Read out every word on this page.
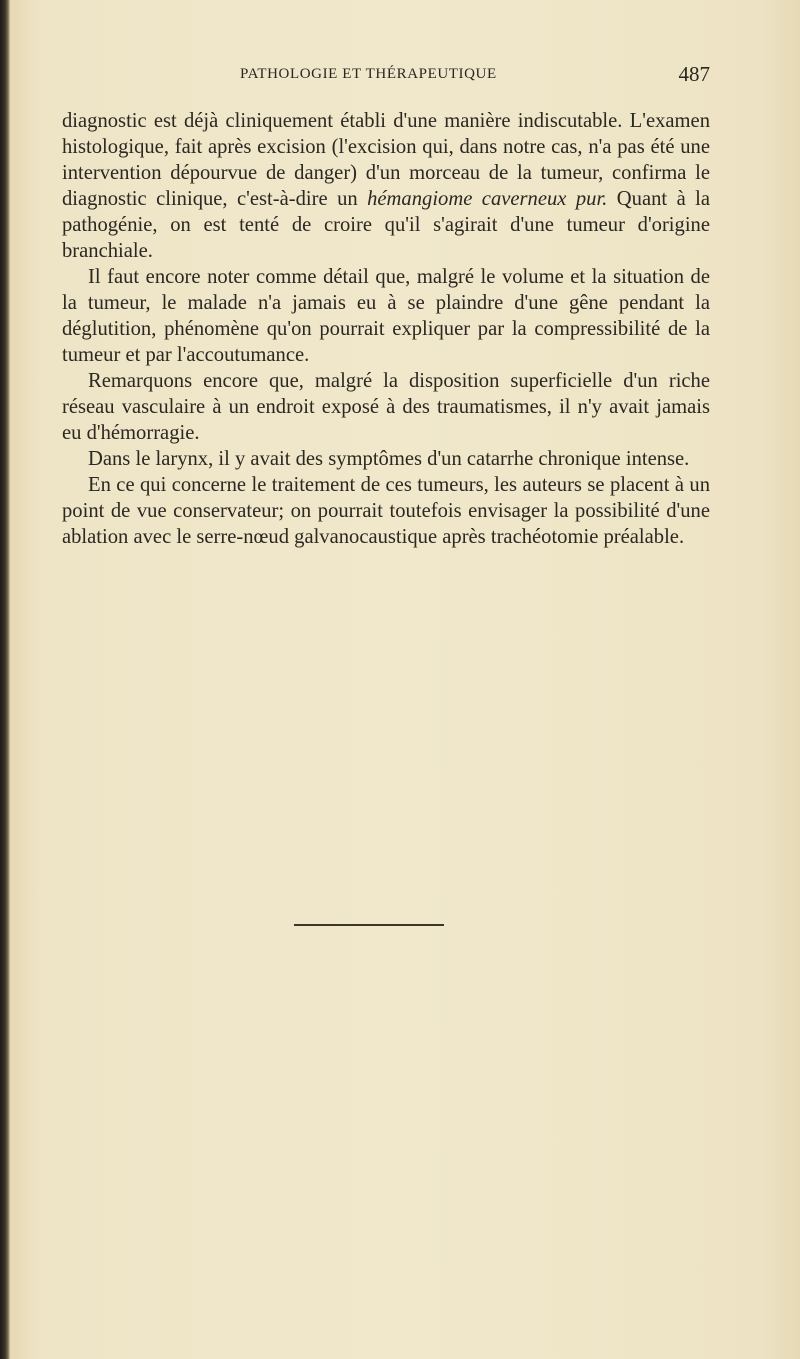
PATHOLOGIE ET THÉRAPEUTIQUE	487

diagnostic est déjà cliniquement établi d'une manière indiscutable. L'examen histologique, fait après excision (l'excision qui, dans notre cas, n'a pas été une intervention dépourvue de danger) d'un morceau de la tumeur, confirma le diagnostic clinique, c'est-à-dire un hémangiome caverneux pur. Quant à la pathogénie, on est tenté de croire qu'il s'agirait d'une tumeur d'origine branchiale.

Il faut encore noter comme détail que, malgré le volume et la situation de la tumeur, le malade n'a jamais eu à se plaindre d'une gêne pendant la déglutition, phénomène qu'on pourrait expliquer par la compressibilité de la tumeur et par l'accoutumance.

Remarquons encore que, malgré la disposition superficielle d'un riche réseau vasculaire à un endroit exposé à des traumatismes, il n'y avait jamais eu d'hémorragie.

Dans le larynx, il y avait des symptômes d'un catarrhe chronique intense.

En ce qui concerne le traitement de ces tumeurs, les auteurs se placent à un point de vue conservateur; on pourrait toutefois envisager la possibilité d'une ablation avec le serre-nœud galvanocaustique après trachéotomie préalable.
